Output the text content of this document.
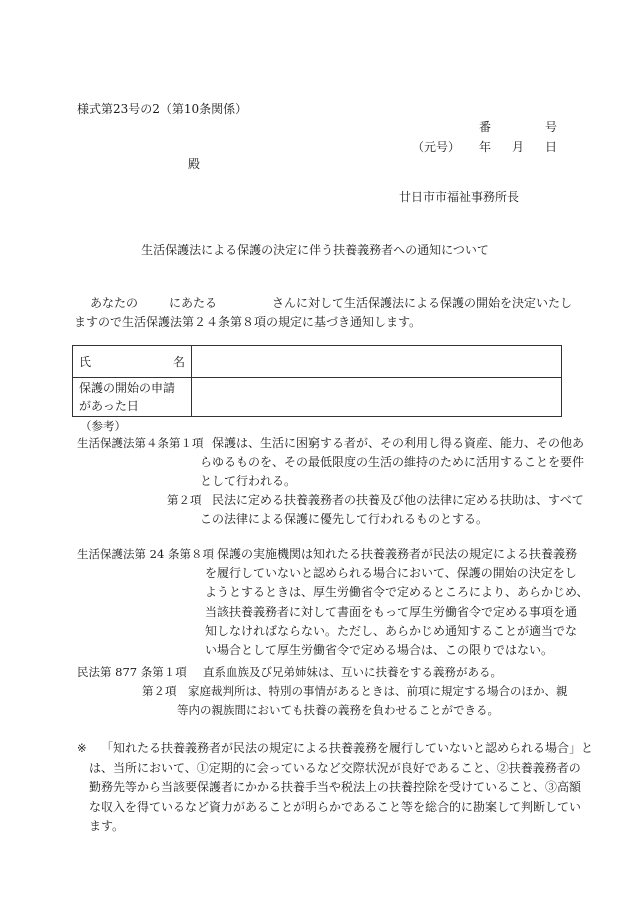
様式第23号の2（第10条関係）
番	号
（元号） 年 月 日
殿
廿日市市福祉事務所長
生活保護法による保護の決定に伴う扶養義務者への通知について
あなたの	にあたる	さんに対して生活保護法による保護の開始を決定いたし
ますので生活保護法第２４条第８項の規定に基づき通知します。
氏 名	

保護の開始の申請
があった日	

（参考）
生活保護法第４条第１項 保護は、生活に困窮する者が、その利用し得る資産、能力、その他あ
らゆるものを、その最低限度の生活の維持のために活用することを要件
として行われる。
第２項 民法に定める扶養義務者の扶養及び他の法律に定める扶助は、すべて
この法律による保護に優先して行われるものとする。
生活保護法第 24 条第８項 保護の実施機関は知れたる扶養義務者が民法の規定による扶養義務
を履行していないと認められる場合において、保護の開始の決定をし
ようとするときは、厚生労働省令で定めるところにより、あらかじめ、
当該扶養義務者に対して書面をもって厚生労働省令で定める事項を通
知しなければならない。ただし、あらかじめ通知することが適当でな
い場合として厚生労働省令で定める場合は、この限りではない。
民法第 877 条第１項 直系血族及び兄弟姉妹は、互いに扶養をする義務がある。
第２項 家庭裁判所は、特別の事情があるときは、前項に規定する場合のほか、親
等内の親族間においても扶養の義務を負わせることができる。
※ 「知れたる扶養義務者が民法の規定による扶養義務を履行していないと認められる場合」と
は、当所において、①定期的に会っているなど交際状況が良好であること、②扶養義務者の
勤務先等から当該要保護者にかかる扶養手当や税法上の扶養控除を受けていること、③高額
な収入を得ているなど資力があることが明らかであること等を総合的に勘案して判断してい
ます。
